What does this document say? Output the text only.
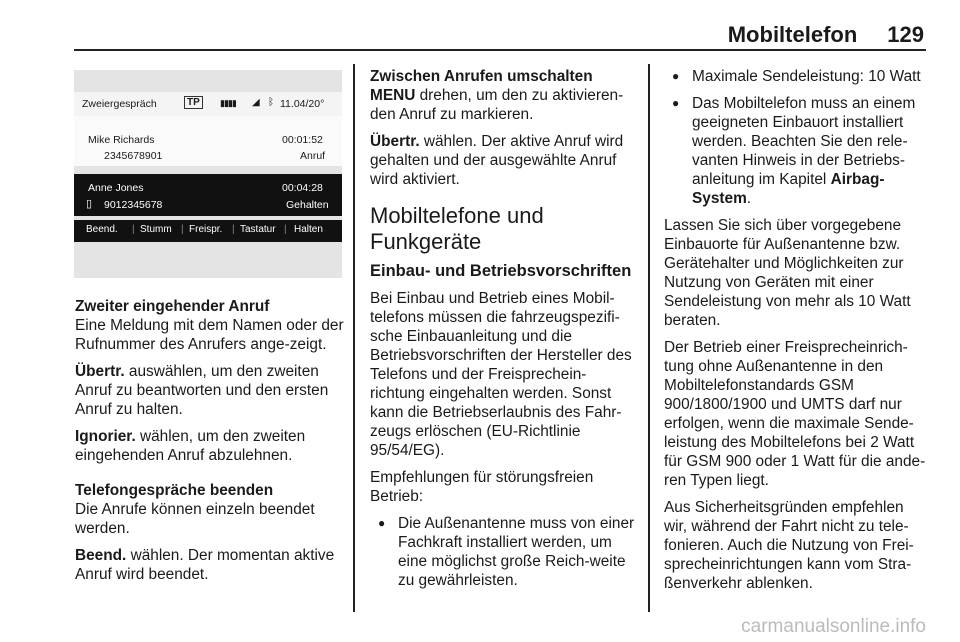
Mobiltelefon 129
Zweiergespräch	TP	▮▮▮▮ ◢ ᛒ 11.04/20°
Mike Richards	00:01:52
2345678901	Anruf
Anne Jones	00:04:28
▯ 9012345678	Gehalten
Beend. | Stumm | Freispr. | Tastatur | Halten

Zweiter eingehender Anruf

Eine Meldung mit dem Namen oder der Rufnummer des Anrufers ange-zeigt.

Übertr. auswählen, um den zweiten Anruf zu beantworten und den ersten Anruf zu halten.

Ignorier. wählen, um den zweiten eingehenden Anruf abzulehnen.

Telefongespräche beenden

Die Anrufe können einzeln beendet werden.

Beend. wählen. Der momentan aktive Anruf wird beendet.

Zwischen Anrufen umschalten

MENU drehen, um den zu aktivieren-den Anruf zu markieren.

Übertr. wählen. Der aktive Anruf wird gehalten und der ausgewählte Anruf wird aktiviert.

Mobiltelefone und Funkgeräte
Einbau- und Betriebsvorschriften

Bei Einbau und Betrieb eines Mobil-telefons müssen die fahrzeugspezifi-sche Einbauanleitung und die Betriebsvorschriften der Hersteller des Telefons und der Freisprechein-richtung eingehalten werden. Sonst kann die Betriebserlaubnis des Fahr-zeugs erlöschen (EU-Richtlinie 95/54/EG).

Empfehlungen für störungsfreien Betrieb:

● Die Außenantenne muss von einer Fachkraft installiert werden, um eine möglichst große Reich-weite zu gewährleisten.
● Maximale Sendeleistung: 10 Watt
● Das Mobiltelefon muss an einem geeigneten Einbauort installiert werden. Beachten Sie den rele-vanten Hinweis in der Betriebs-anleitung im Kapitel Airbag-System.

Lassen Sie sich über vorgegebene Einbauorte für Außenantenne bzw. Gerätehalter und Möglichkeiten zur Nutzung von Geräten mit einer Sendeleistung von mehr als 10 Watt beraten.

Der Betrieb einer Freisprecheinrich-tung ohne Außenantenne in den Mobiltelefonstandards GSM 900/1800/1900 und UMTS darf nur erfolgen, wenn die maximale Sende-leistung des Mobiltelefons bei 2 Watt für GSM 900 oder 1 Watt für die ande-ren Typen liegt.

Aus Sicherheitsgründen empfehlen wir, während der Fahrt nicht zu tele-fonieren. Auch die Nutzung von Frei-sprecheinrichtungen kann vom Stra-ßenverkehr ablenken.

carmanualsonline.info
